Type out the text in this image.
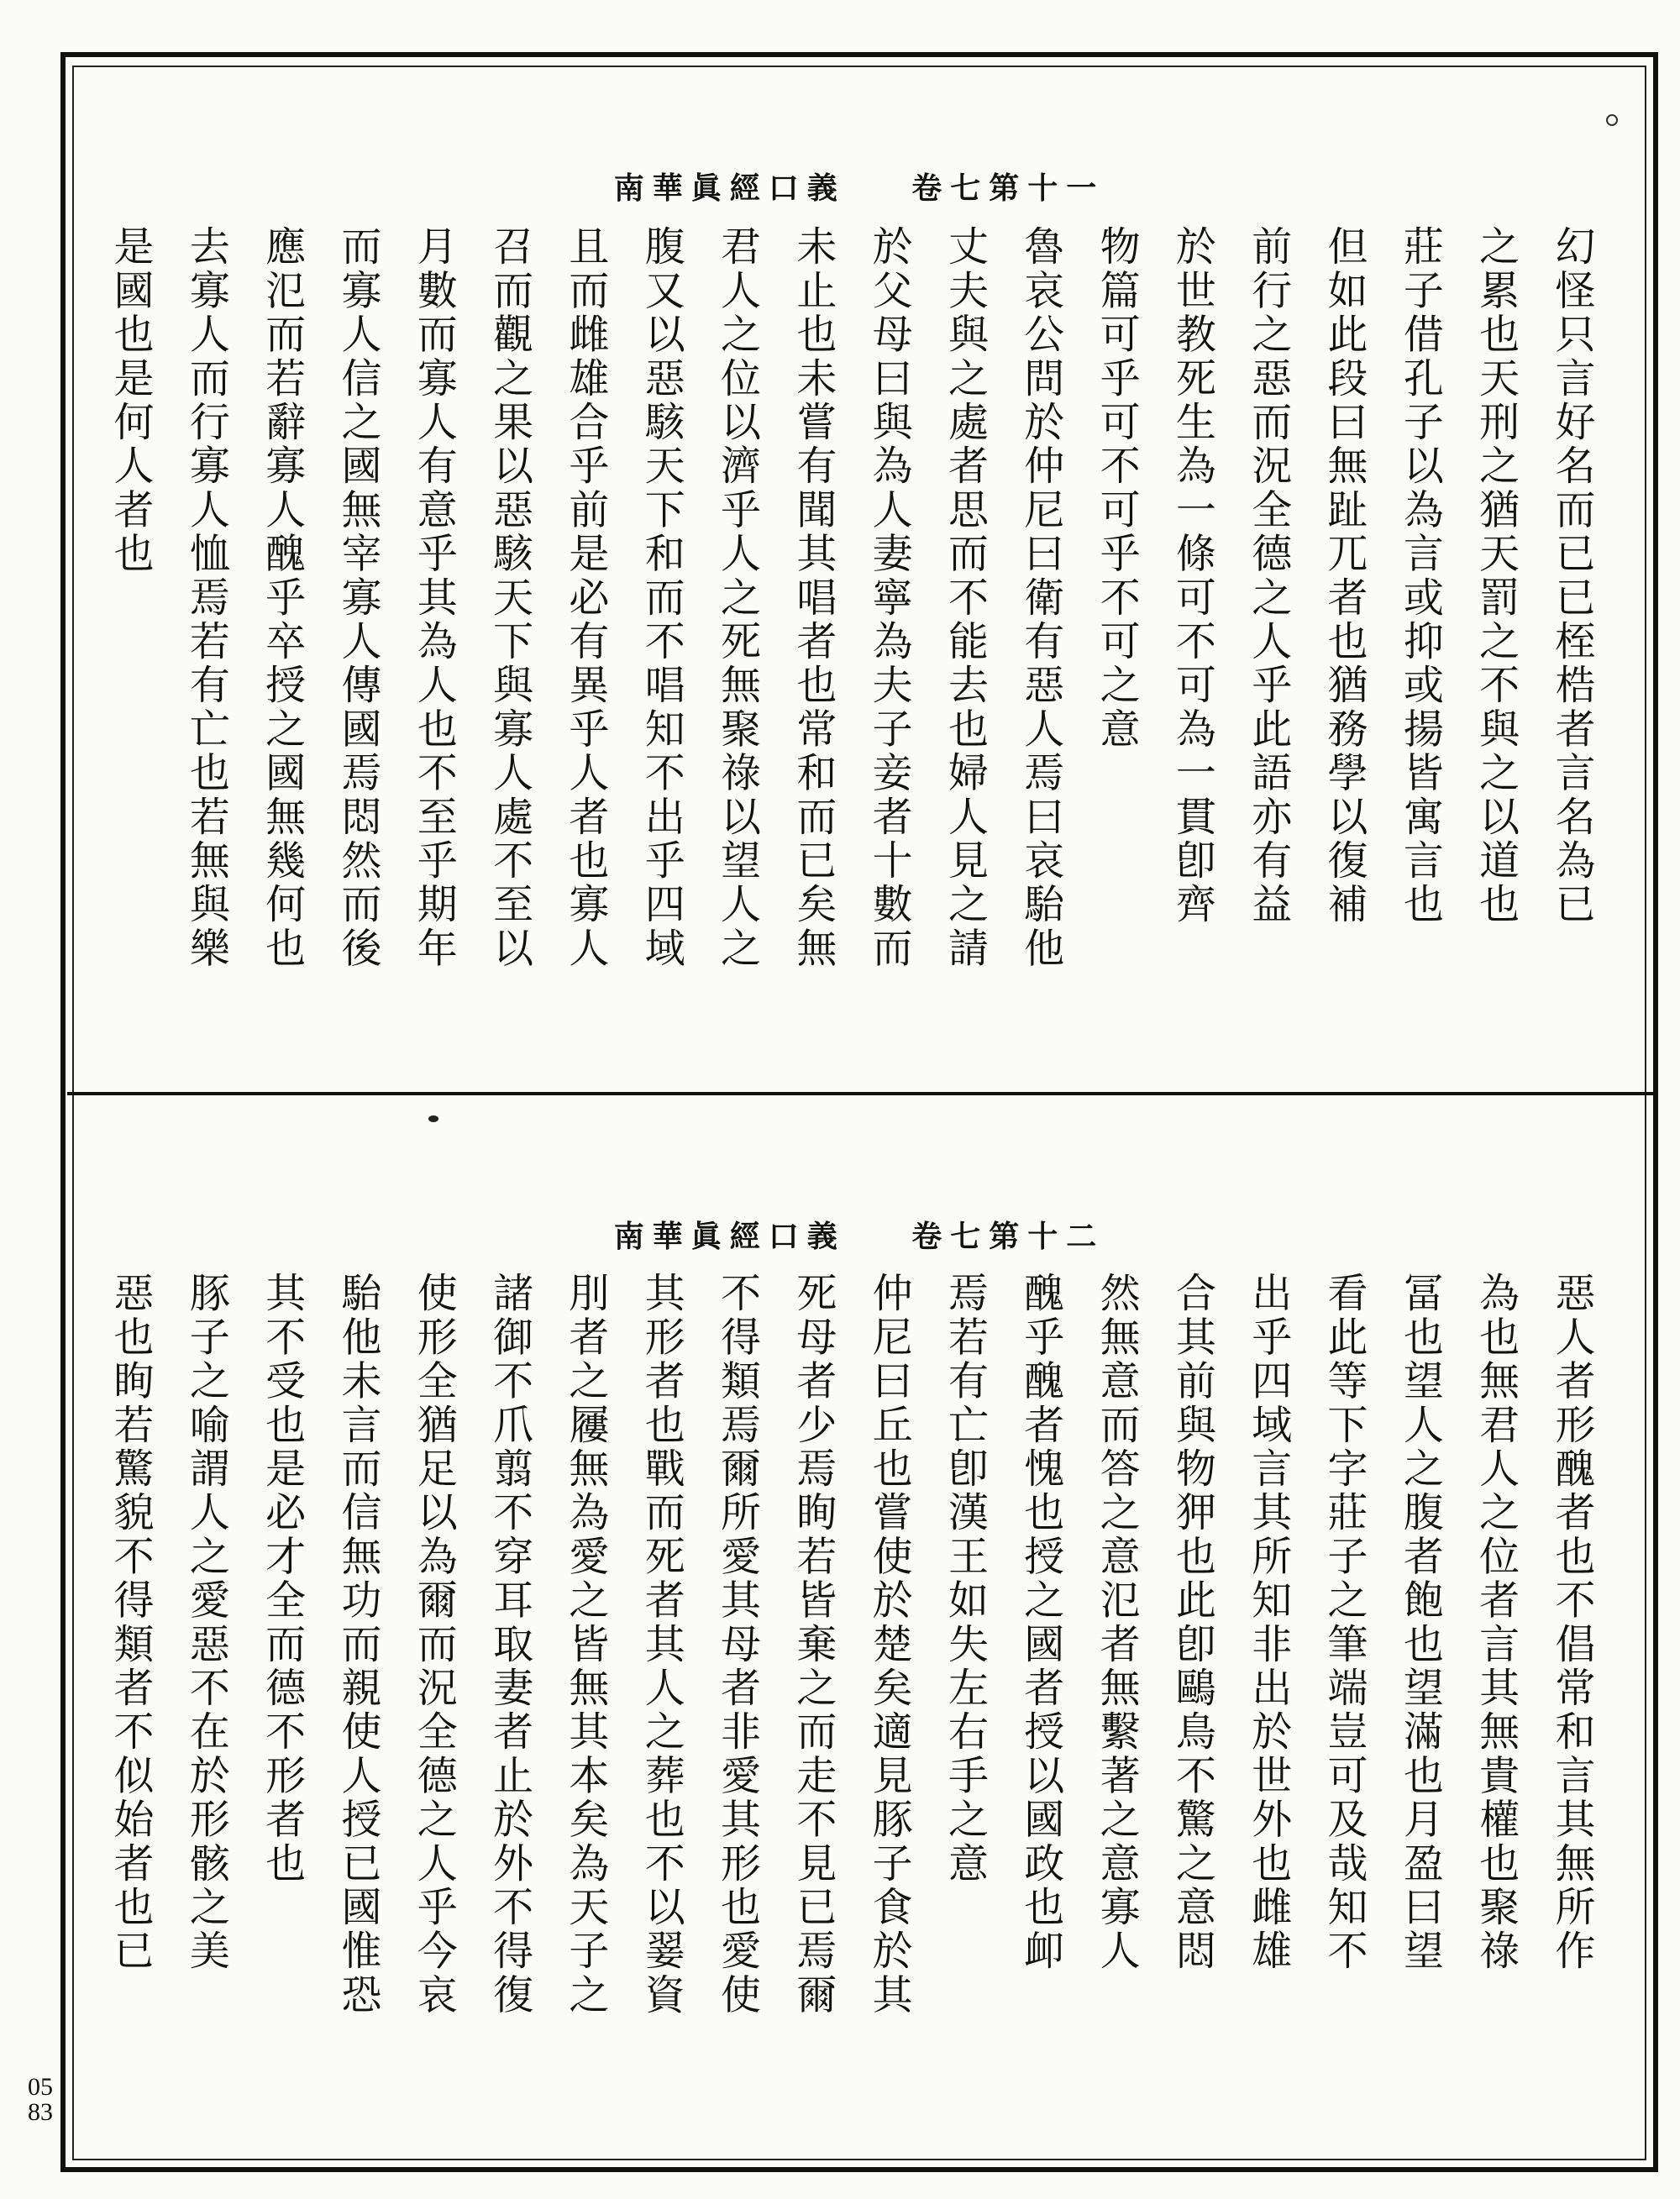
南華眞經口義 卷七第十一
幻怪只言好名而已已桎梏者言名為已
之累也天刑之猶天罰之不與之以道也
莊子借孔子以為言或抑或揚皆寓言也
但如此段曰無趾兀者也猶務學以復補
前行之惡而況全德之人乎此語亦有益
於世教死生為一條可不可為一貫卽齊
物篇可乎可不可乎不可之意
魯哀公問於仲尼曰衛有惡人焉曰哀駘他
丈夫與之處者思而不能去也婦人見之請
於父母曰與為人妻寧為夫子妾者十數而
未止也未嘗有聞其唱者也常和而已矣無
君人之位以濟乎人之死無聚祿以望人之
腹又以惡駭天下和而不唱知不出乎四域
且而雌雄合乎前是必有異乎人者也寡人
召而觀之果以惡駭天下與寡人處不至以
月數而寡人有意乎其為人也不至乎期年
而寡人信之國無宰寡人傳國焉悶然而後
應氾而若辭寡人醜乎卒授之國無幾何也
去寡人而行寡人恤焉若有亡也若無與樂
是國也是何人者也
南華眞經口義 卷七第十二
惡人者形醜者也不倡常和言其無所作
為也無君人之位者言其無貴權也聚祿
冨也望人之腹者飽也望滿也月盈曰望
看此等下字莊子之筆端豈可及哉知不
出乎四域言其所知非出於世外也雌雄
合其前與物狎也此卽鷗鳥不驚之意悶
然無意而答之意氾者無繫著之意寡人
醜乎醜者愧也授之國者授以國政也卹
焉若有亡卽漢王如失左右手之意
仲尼曰丘也嘗使於楚矣適見豚子食於其
死母者少焉眴若皆棄之而走不見已焉爾
不得類焉爾所愛其母者非愛其形也愛使
其形者也戰而死者其人之葬也不以翣資
刖者之屨無為愛之皆無其本矣為天子之
諸御不爪翦不穿耳取妻者止於外不得復
使形全猶足以為爾而況全德之人乎今哀
駘他未言而信無功而親使人授已國惟恐
其不受也是必才全而德不形者也
豚子之喻謂人之愛惡不在於形骸之美
惡也眴若驚貌不得類者不似始者也已
0583
